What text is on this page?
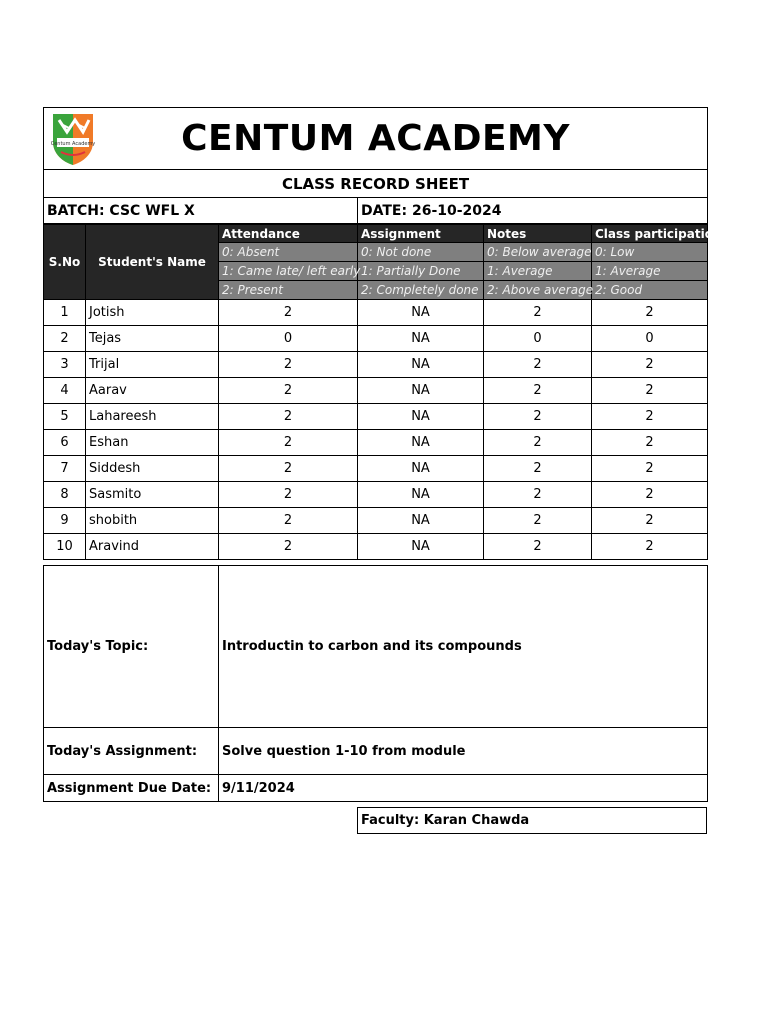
Centum Academy	CENTUM ACADEMY

CLASS RECORD SHEET
BATCH: CSC WFL X	DATE: 26-10-2024
S.No	Student's Name	Attendance	Assignment	Notes	Class participation
		0: Absent	0: Not done	0: Below average	0: Low
		1: Came late/ left early	1: Partially Done	1: Average	1: Average
		2: Present	2: Completely done	2: Above average	2: Good
1	Jotish	2	NA	2	2
2	Tejas	0	NA	0	0
3	Trijal	2	NA	2	2
4	Aarav	2	NA	2	2
5	Lahareesh	2	NA	2	2
6	Eshan	2	NA	2	2
7	Siddesh	2	NA	2	2
8	Sasmito	2	NA	2	2
9	shobith	2	NA	2	2
10	Aravind	2	NA	2	2
Today's Topic:	Introductin to carbon and its compounds
Today's Assignment:	Solve question 1-10 from module
Assignment Due Date:	9/11/2024
Faculty: Karan Chawda
